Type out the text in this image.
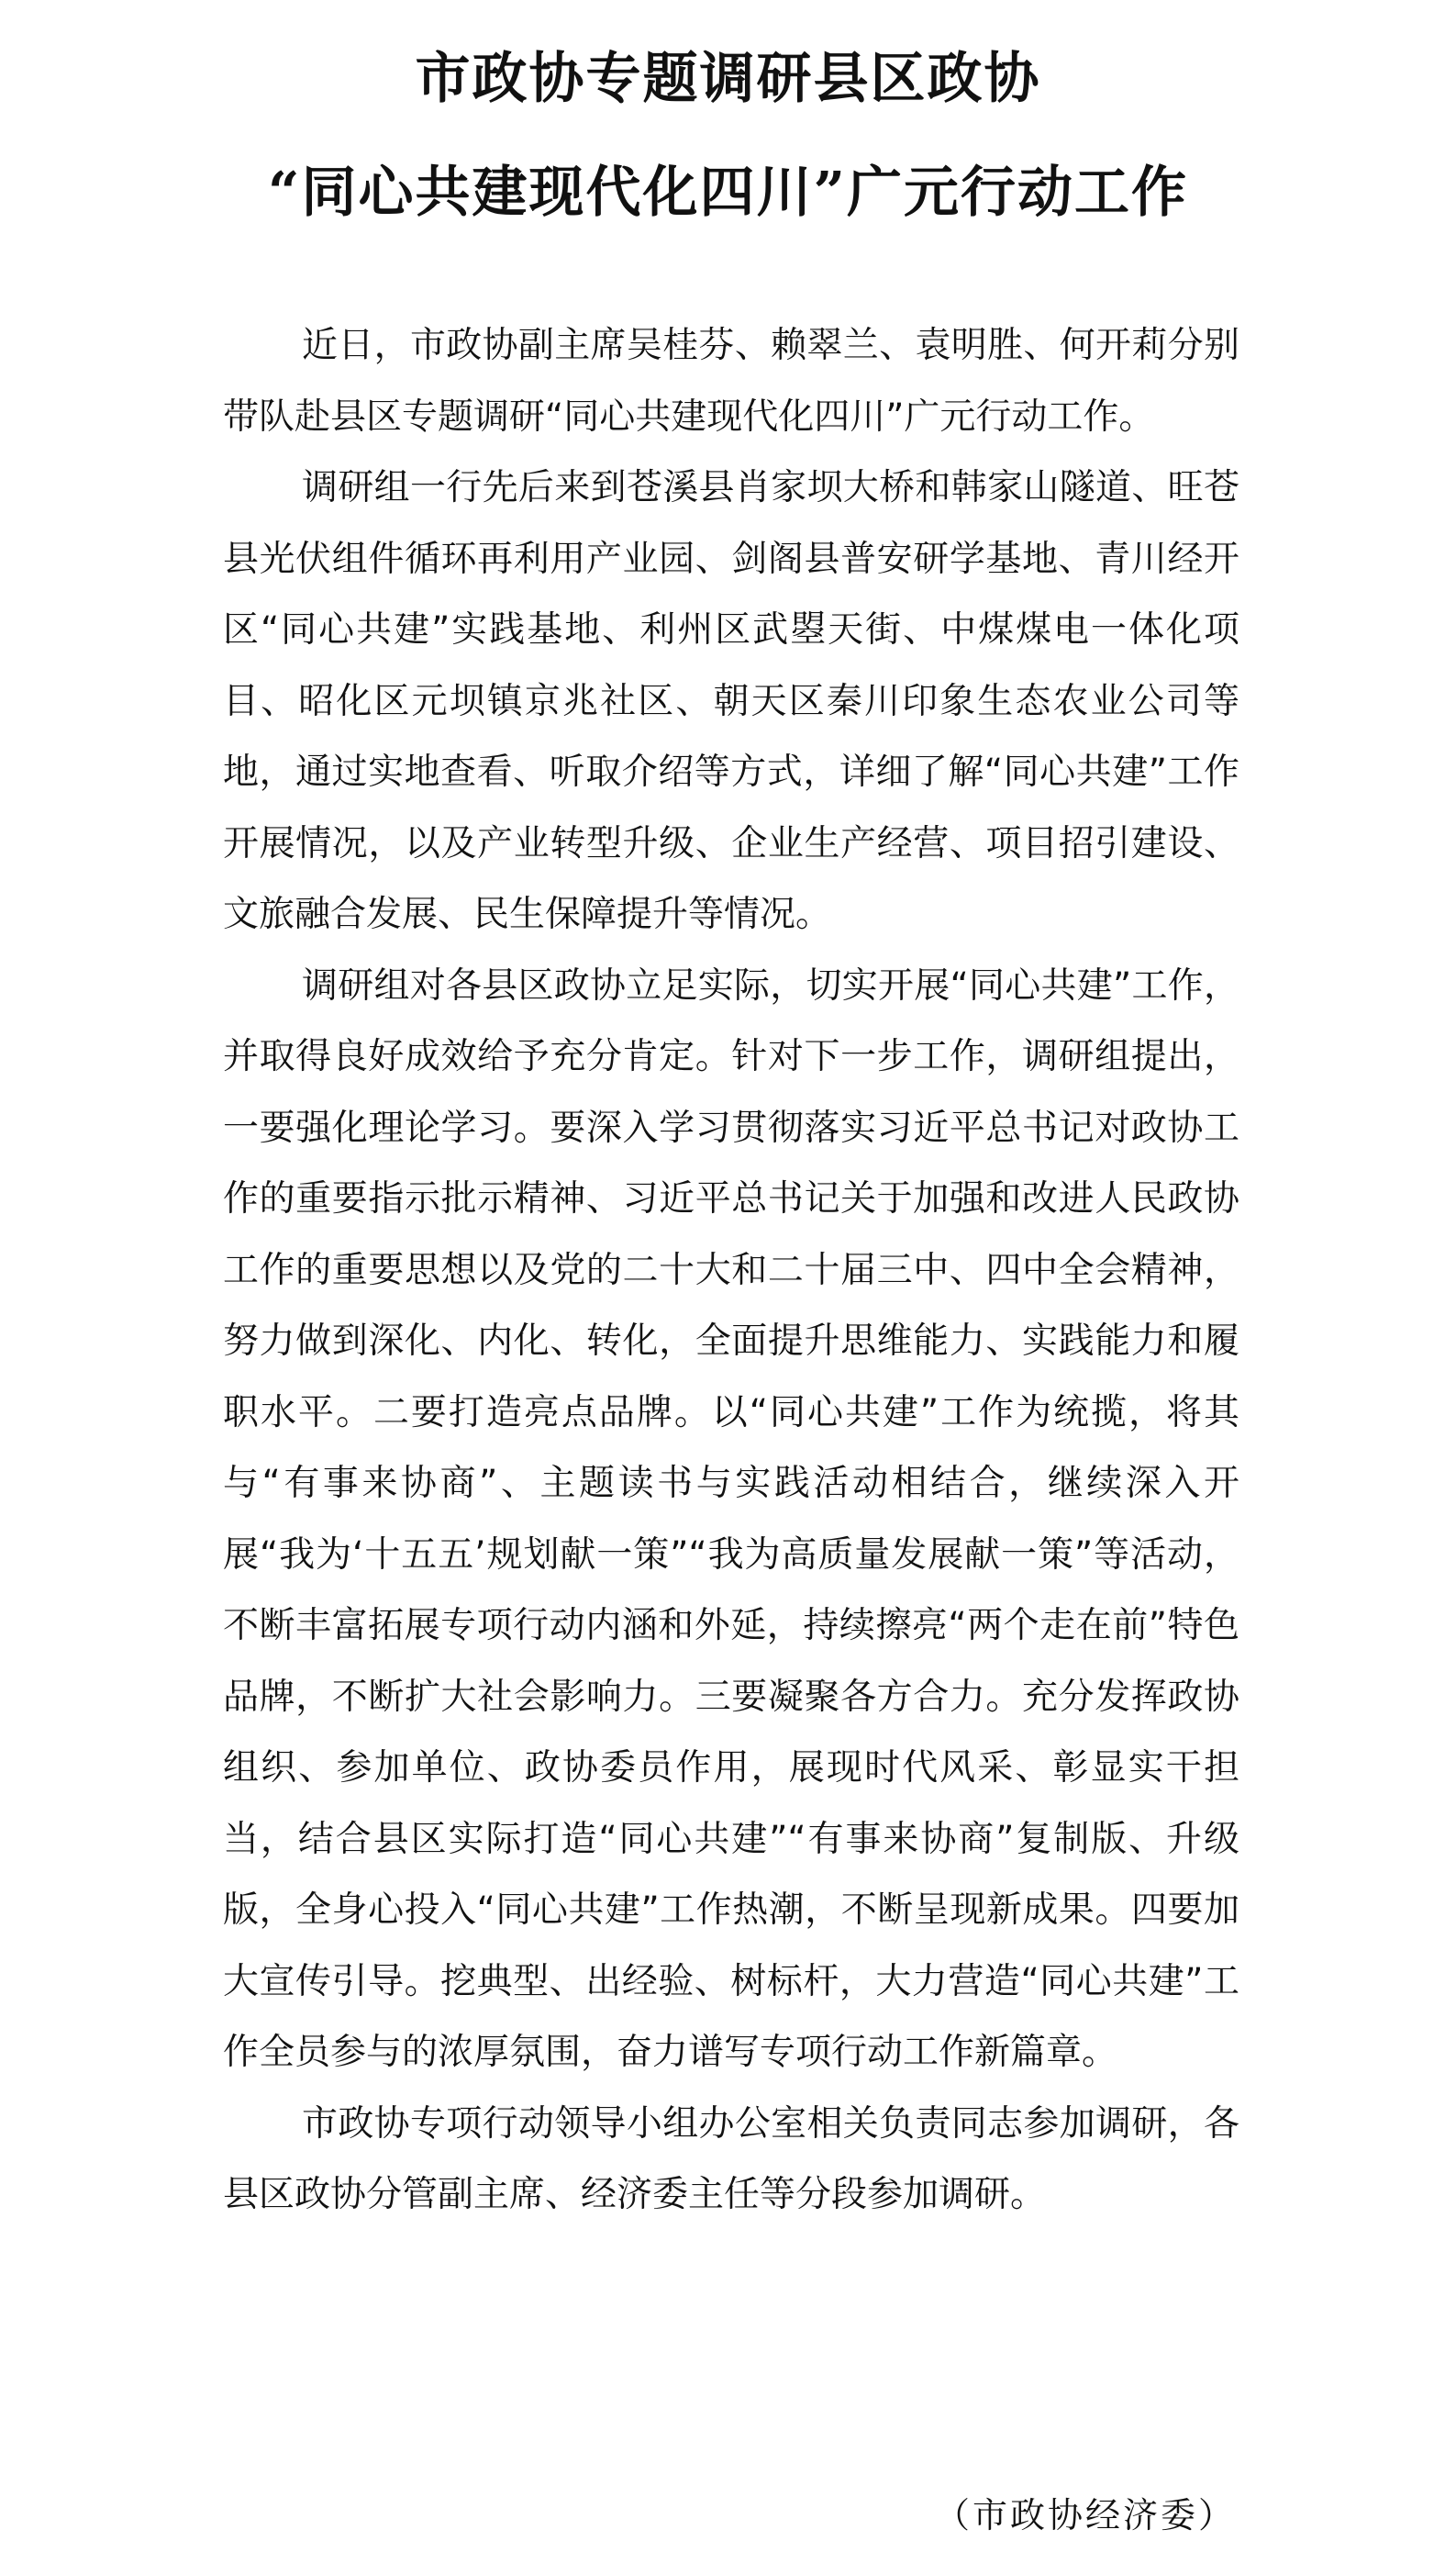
市政协专题调研县区政协
“同心共建现代化四川”广元行动工作

近日，市政协副主席吴桂芬、赖翠兰、袁明胜、何开莉分别带队赴县区专题调研“同心共建现代化四川”广元行动工作。

调研组一行先后来到苍溪县肖家坝大桥和韩家山隧道、旺苍县光伏组件循环再利用产业园、剑阁县普安研学基地、青川经开区“同心共建”实践基地、利州区武曌天街、中煤煤电一体化项目、昭化区元坝镇京兆社区、朝天区秦川印象生态农业公司等地，通过实地查看、听取介绍等方式，详细了解“同心共建”工作开展情况，以及产业转型升级、企业生产经营、项目招引建设、文旅融合发展、民生保障提升等情况。

调研组对各县区政协立足实际，切实开展“同心共建”工作，并取得良好成效给予充分肯定。针对下一步工作，调研组提出，一要强化理论学习。要深入学习贯彻落实习近平总书记对政协工作的重要指示批示精神、习近平总书记关于加强和改进人民政协工作的重要思想以及党的二十大和二十届三中、四中全会精神，努力做到深化、内化、转化，全面提升思维能力、实践能力和履职水平。二要打造亮点品牌。以“同心共建”工作为统揽，将其与“有事来协商”、主题读书与实践活动相结合，继续深入开展“我为‘十五五’规划献一策”“我为高质量发展献一策”等活动，不断丰富拓展专项行动内涵和外延，持续擦亮“两个走在前”特色品牌，不断扩大社会影响力。三要凝聚各方合力。充分发挥政协组织、参加单位、政协委员作用，展现时代风采、彰显实干担当，结合县区实际打造“同心共建”“有事来协商”复制版、升级版，全身心投入“同心共建”工作热潮，不断呈现新成果。四要加大宣传引导。挖典型、出经验、树标杆，大力营造“同心共建”工作全员参与的浓厚氛围，奋力谱写专项行动工作新篇章。

市政协专项行动领导小组办公室相关负责同志参加调研，各县区政协分管副主席、经济委主任等分段参加调研。

（市政协经济委）
